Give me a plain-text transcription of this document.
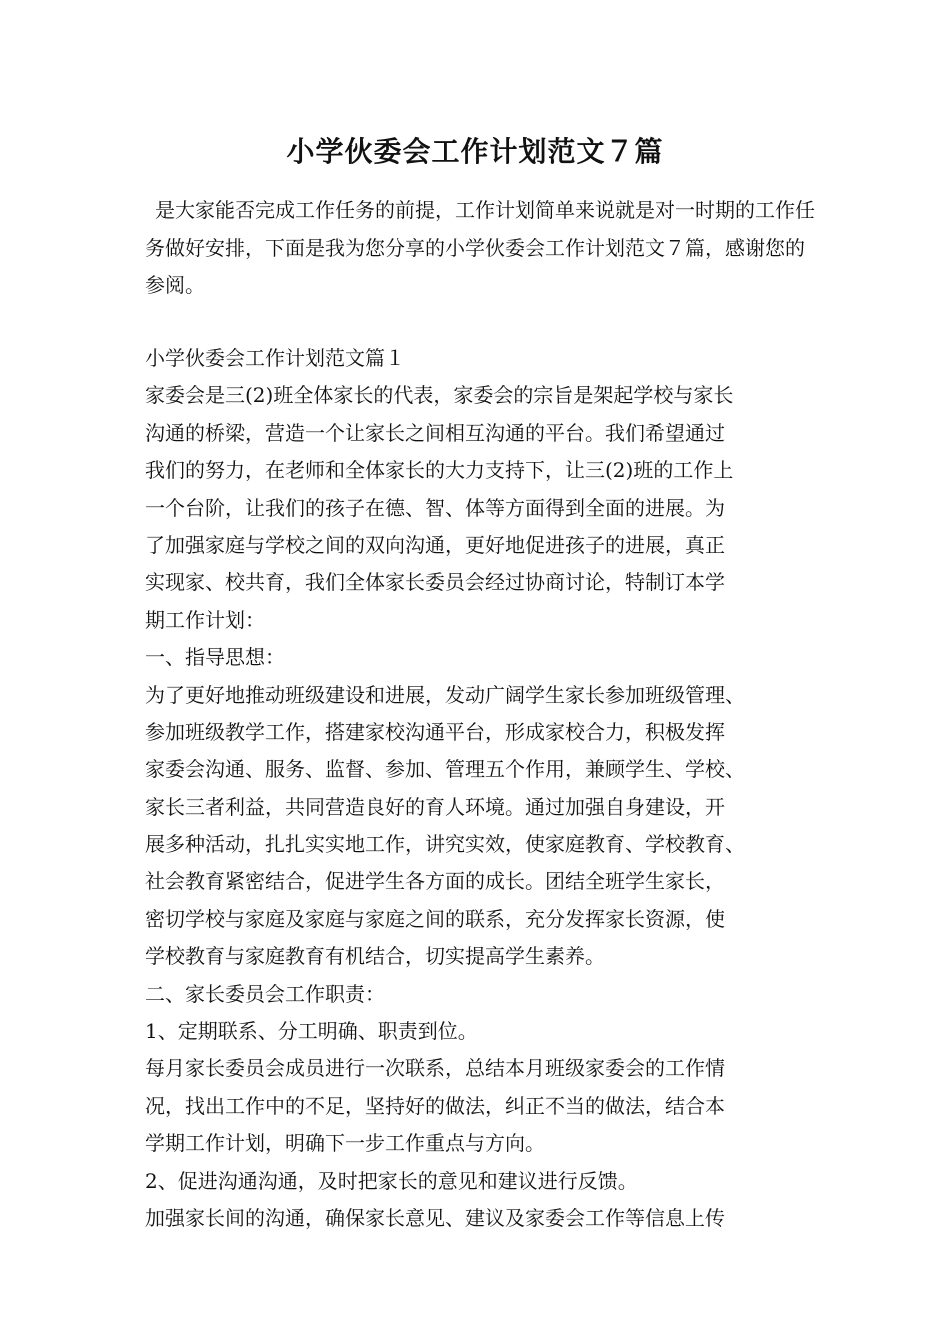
小学伙委会工作计划范文７篇

是大家能否完成工作任务的前提，工作计划简单来说就是对一时期的工作任务做好安排，下面是我为您分享的小学伙委会工作计划范文７篇，感谢您的参阅。

小学伙委会工作计划范文篇１
家委会是三(2)班全体家长的代表，家委会的宗旨是架起学校与家长
沟通的桥梁，营造一个让家长之间相互沟通的平台。我们希望通过
我们的努力，在老师和全体家长的大力支持下，让三(2)班的工作上
一个台阶，让我们的孩子在德、智、体等方面得到全面的进展。为
了加强家庭与学校之间的双向沟通，更好地促进孩子的进展，真正
实现家、校共育，我们全体家长委员会经过协商讨论，特制订本学
期工作计划：
一、指导思想：
为了更好地推动班级建设和进展，发动广阔学生家长参加班级管理、
参加班级教学工作，搭建家校沟通平台，形成家校合力，积极发挥
家委会沟通、服务、监督、参加、管理五个作用，兼顾学生、学校、
家长三者利益，共同营造良好的育人环境。通过加强自身建设，开
展多种活动，扎扎实实地工作，讲究实效，使家庭教育、学校教育、
社会教育紧密结合，促进学生各方面的成长。团结全班学生家长，
密切学校与家庭及家庭与家庭之间的联系，充分发挥家长资源，使
学校教育与家庭教育有机结合，切实提高学生素养。
二、家长委员会工作职责：
1、定期联系、分工明确、职责到位。
每月家长委员会成员进行一次联系，总结本月班级家委会的工作情
况，找出工作中的不足，坚持好的做法，纠正不当的做法，结合本
学期工作计划，明确下一步工作重点与方向。
2、促进沟通沟通，及时把家长的意见和建议进行反馈。
加强家长间的沟通，确保家长意见、建议及家委会工作等信息上传
